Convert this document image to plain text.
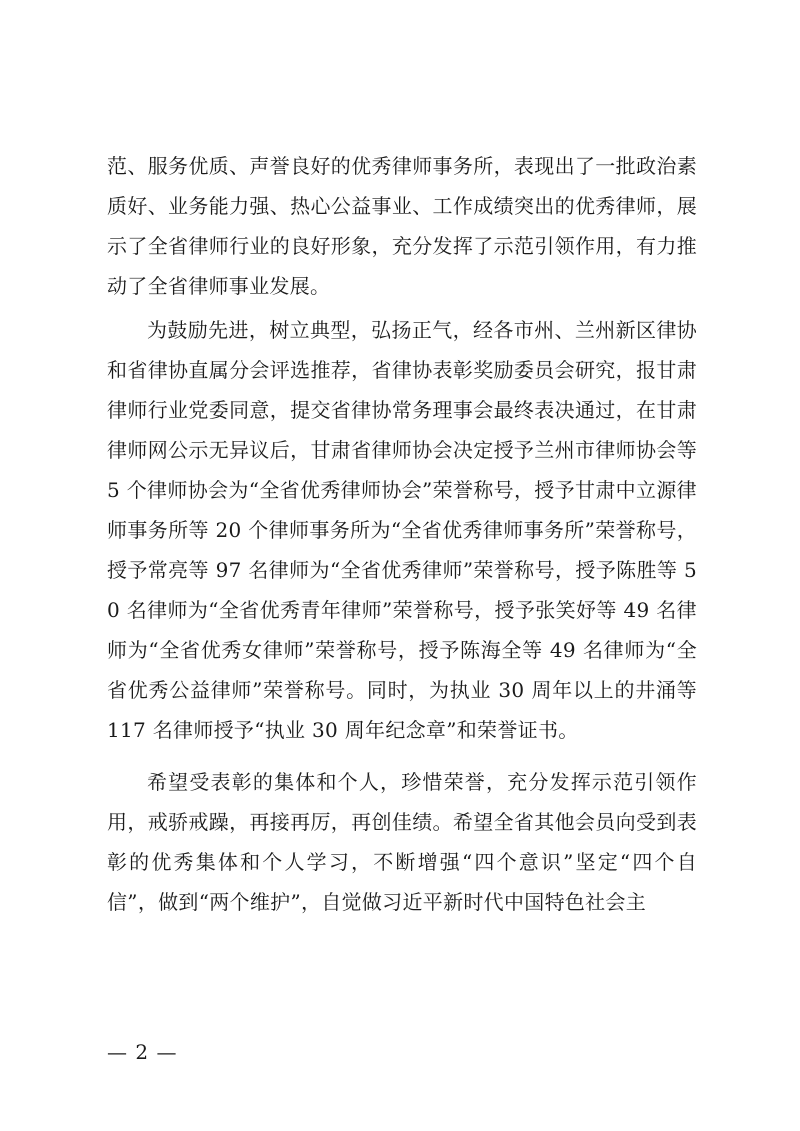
范、服务优质、声誉良好的优秀律师事务所，表现出了一批政治素质好、业务能力强、热心公益事业、工作成绩突出的优秀律师，展示了全省律师行业的良好形象，充分发挥了示范引领作用，有力推动了全省律师事业发展。

为鼓励先进，树立典型，弘扬正气，经各市州、兰州新区律协和省律协直属分会评选推荐，省律协表彰奖励委员会研究，报甘肃律师行业党委同意，提交省律协常务理事会最终表决通过，在甘肃律师网公示无异议后，甘肃省律师协会决定授予兰州市律师协会等 5 个律师协会为“全省优秀律师协会”荣誉称号，授予甘肃中立源律师事务所等 20 个律师事务所为“全省优秀律师事务所”荣誉称号，授予常亮等 97 名律师为“全省优秀律师”荣誉称号，授予陈胜等 50 名律师为“全省优秀青年律师”荣誉称号，授予张笑妤等 49 名律师为“全省优秀女律师”荣誉称号，授予陈海全等 49 名律师为“全省优秀公益律师”荣誉称号。同时，为执业 30 周年以上的井涌等 117 名律师授予“执业 30 周年纪念章”和荣誉证书。

希望受表彰的集体和个人，珍惜荣誉，充分发挥示范引领作用，戒骄戒躁，再接再厉，再创佳绩。希望全省其他会员向受到表彰的优秀集体和个人学习，不断增强“四个意识”坚定“四个自信”，做到“两个维护”，自觉做习近平新时代中国特色社会主

— 2 —
